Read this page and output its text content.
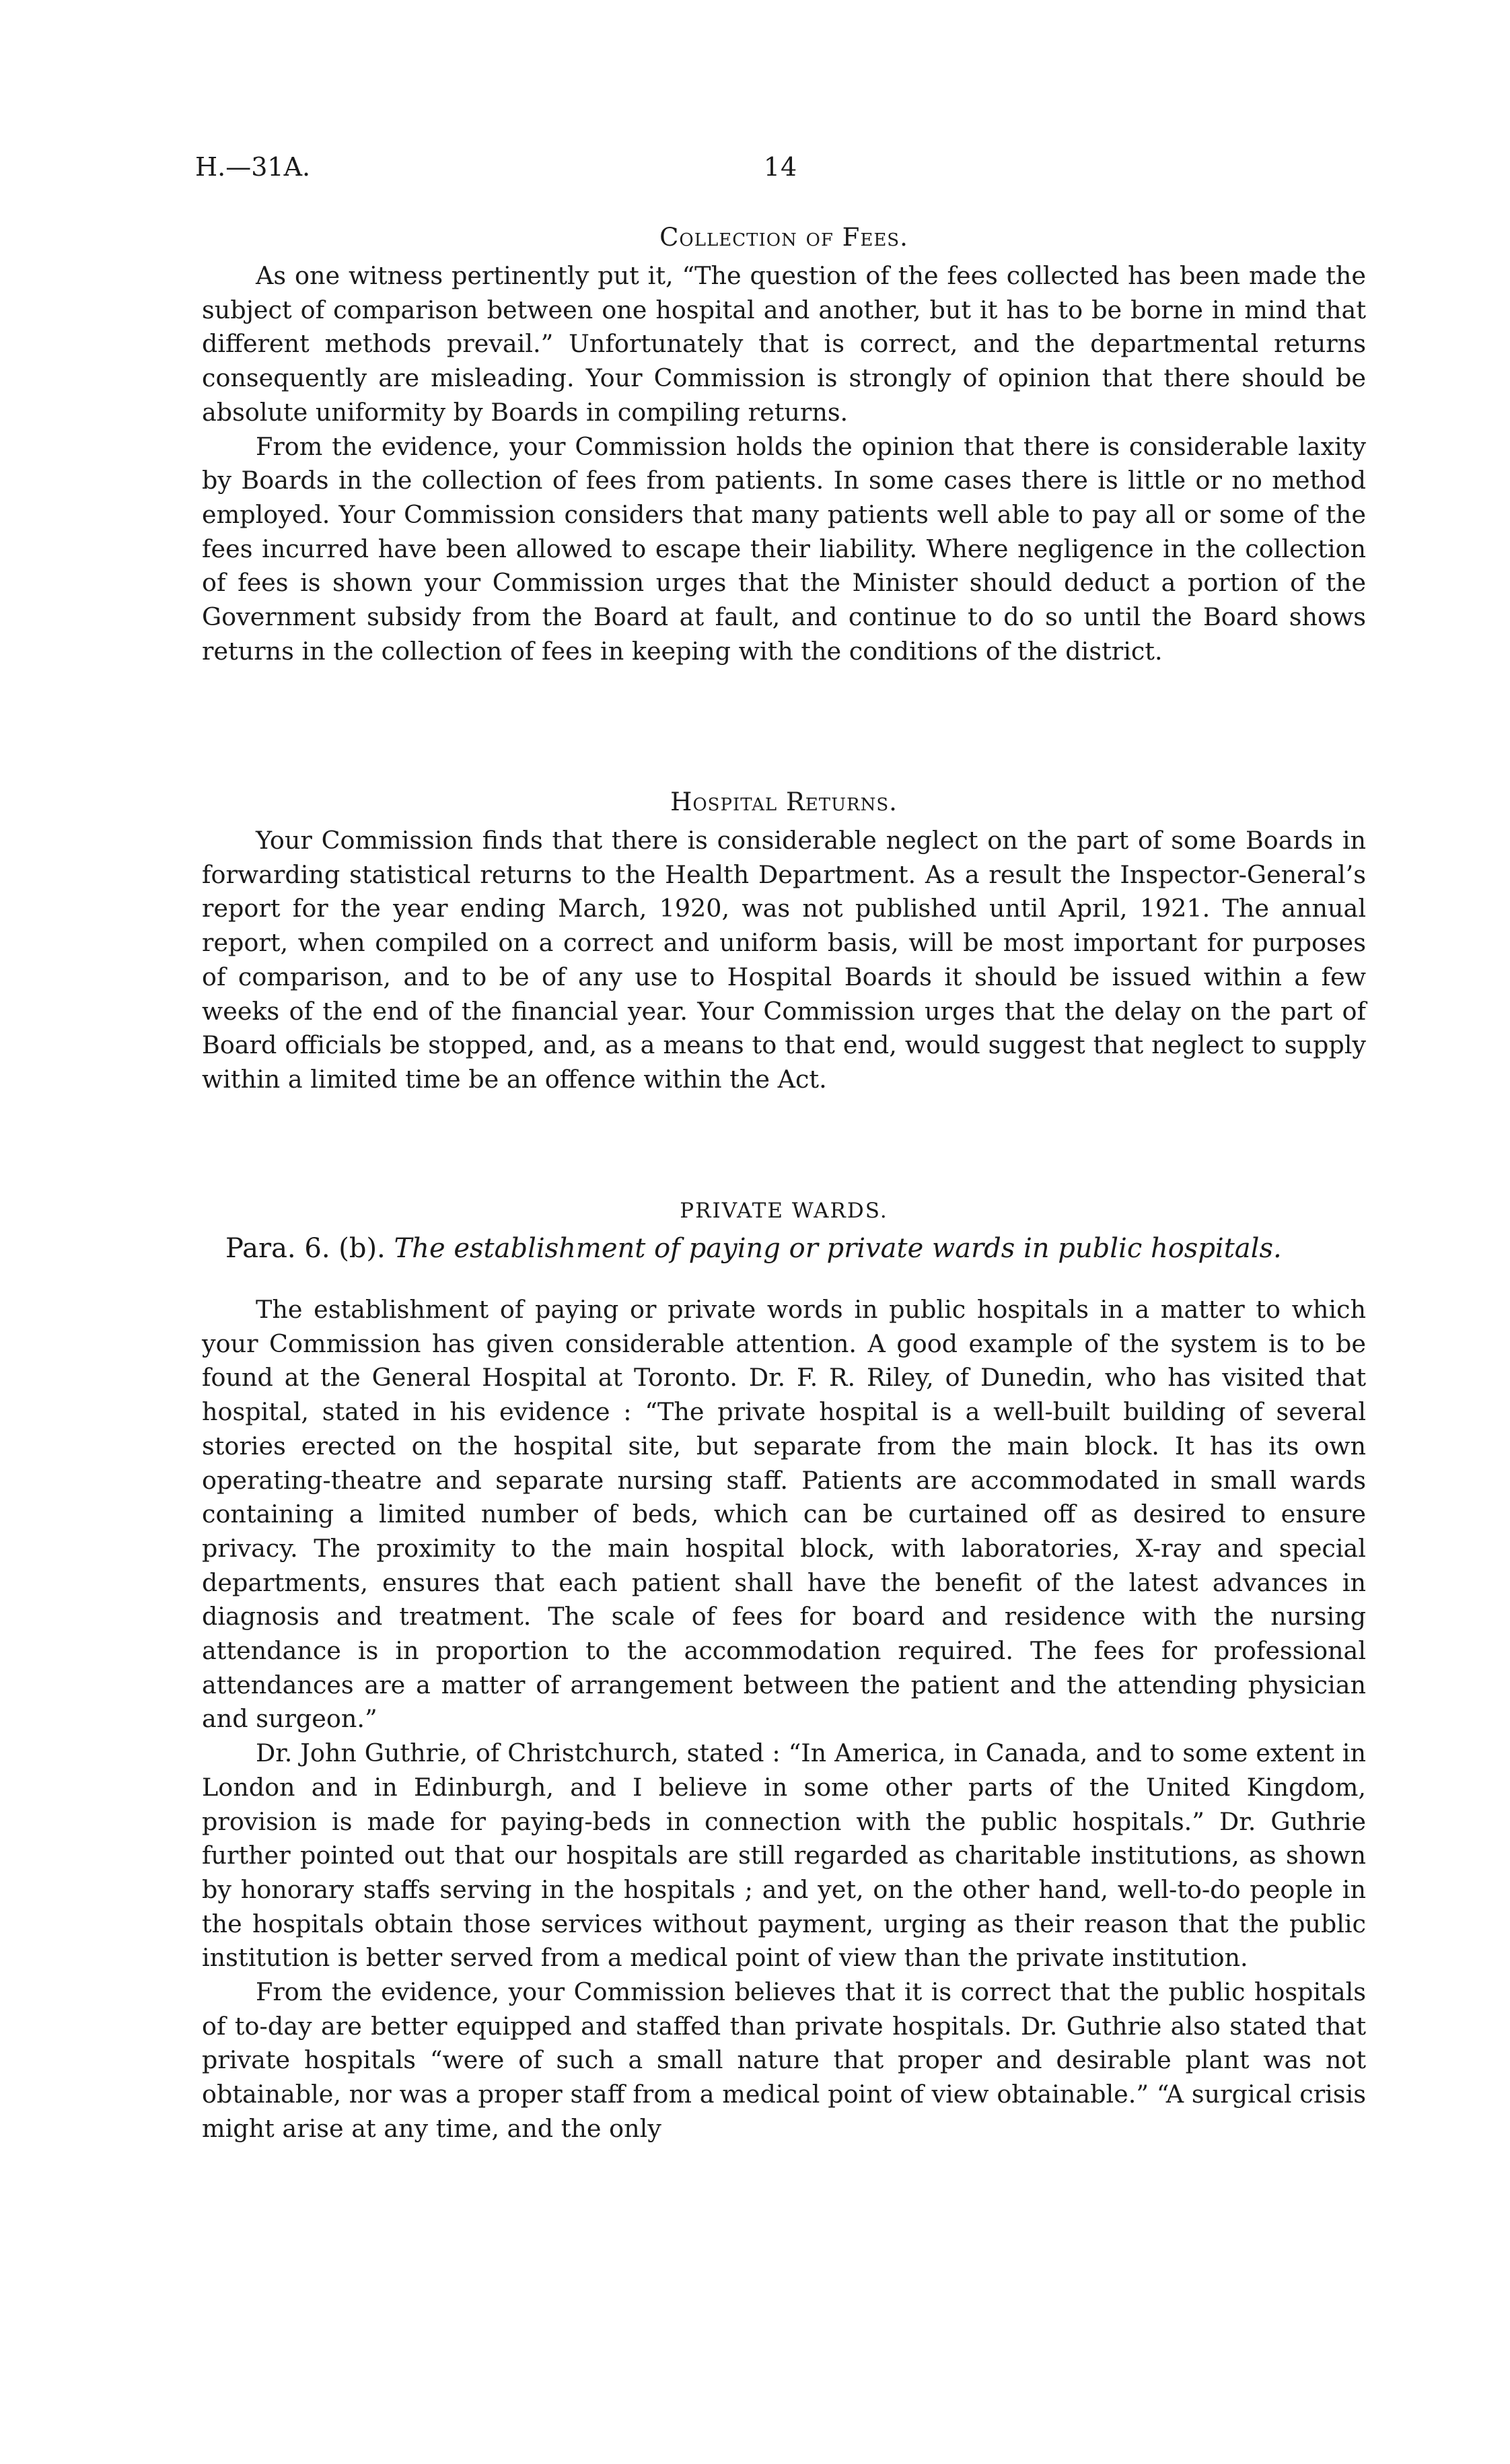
H.—31A.	14
Collection of Fees.

As one witness pertinently put it, “The question of the fees collected has been made the subject of comparison between one hospital and another, but it has to be borne in mind that different methods prevail.” Unfortunately that is correct, and the departmental returns consequently are misleading. Your Commission is strongly of opinion that there should be absolute uniformity by Boards in compiling returns.

From the evidence, your Commission holds the opinion that there is considerable laxity by Boards in the collection of fees from patients. In some cases there is little or no method employed. Your Commission considers that many patients well able to pay all or some of the fees incurred have been allowed to escape their liability. Where negligence in the collection of fees is shown your Commission urges that the Minister should deduct a portion of the Government subsidy from the Board at fault, and continue to do so until the Board shows returns in the collection of fees in keeping with the conditions of the district.

Hospital Returns.

Your Commission finds that there is considerable neglect on the part of some Boards in forwarding statistical returns to the Health Department. As a result the Inspector-General’s report for the year ending March, 1920, was not published until April, 1921. The annual report, when compiled on a correct and uniform basis, will be most important for purposes of comparison, and to be of any use to Hospital Boards it should be issued within a few weeks of the end of the financial year. Your Commission urges that the delay on the part of Board officials be stopped, and, as a means to that end, would suggest that neglect to supply within a limited time be an offence within the Act.

PRIVATE WARDS.
Para. 6. (b). The establishment of paying or private wards in public hospitals.

The establishment of paying or private words in public hospitals in a matter to which your Commission has given considerable attention. A good example of the system is to be found at the General Hospital at Toronto. Dr. F. R. Riley, of Dunedin, who has visited that hospital, stated in his evidence : “The private hospital is a well-built building of several stories erected on the hospital site, but separate from the main block. It has its own operating-theatre and separate nursing staff. Patients are accommodated in small wards containing a limited number of beds, which can be curtained off as desired to ensure privacy. The proximity to the main hospital block, with laboratories, X-ray and special departments, ensures that each patient shall have the benefit of the latest advances in diagnosis and treatment. The scale of fees for board and residence with the nursing attendance is in proportion to the accommodation required. The fees for professional attendances are a matter of arrangement between the patient and the attending physician and surgeon.”

Dr. John Guthrie, of Christchurch, stated : “In America, in Canada, and to some extent in London and in Edinburgh, and I believe in some other parts of the United Kingdom, provision is made for paying-beds in connection with the public hospitals.” Dr. Guthrie further pointed out that our hospitals are still regarded as charitable institutions, as shown by honorary staffs serving in the hospitals ; and yet, on the other hand, well-to-do people in the hospitals obtain those services without payment, urging as their reason that the public institution is better served from a medical point of view than the private institution.

From the evidence, your Commission believes that it is correct that the public hospitals of to-day are better equipped and staffed than private hospitals. Dr. Guthrie also stated that private hospitals “were of such a small nature that proper and desirable plant was not obtainable, nor was a proper staff from a medical point of view obtainable.” “A surgical crisis might arise at any time, and the only
